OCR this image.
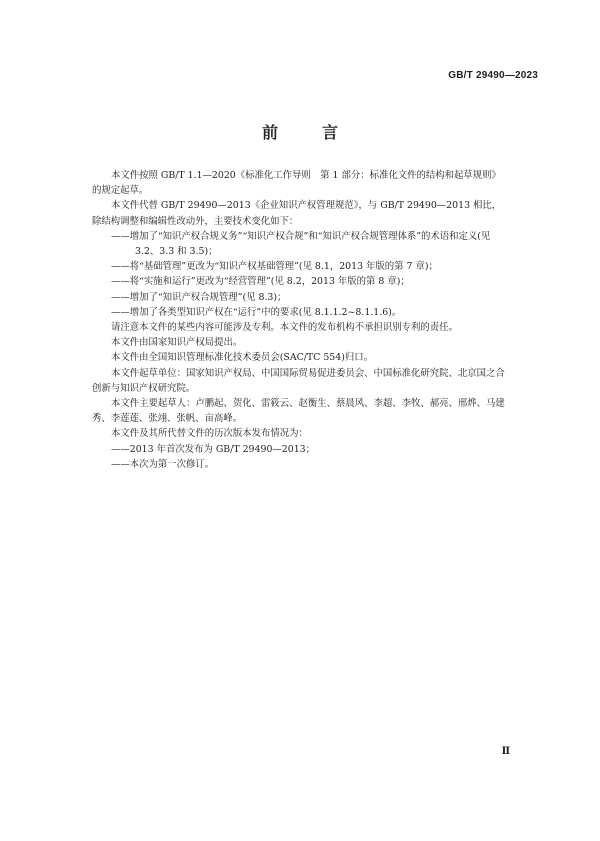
GB/T 29490—2023
前　言

本文件按照 GB/T 1.1—2020《标准化工作导则　第 1 部分：标准化文件的结构和起草规则》的规定起草。

本文件代替 GB/T 29490—2013《企业知识产权管理规范》，与 GB/T 29490—2013 相比，除结构调整和编辑性改动外，主要技术变化如下：

——增加了“知识产权合规义务”“知识产权合规”和“知识产权合规管理体系”的术语和定义(见
3.2、3.3 和 3.5)；

——将“基础管理”更改为“知识产权基础管理”(见 8.1，2013 年版的第 7 章)；

——将“实施和运行”更改为“经营管理”(见 8.2，2013 年版的第 8 章)；

——增加了“知识产权合规管理”(见 8.3)；

——增加了各类型知识产权在“运行”中的要求(见 8.1.1.2~8.1.1.6)。

请注意本文件的某些内容可能涉及专利。本文件的发布机构不承担识别专利的责任。

本文件由国家知识产权局提出。

本文件由全国知识管理标准化技术委员会(SAC/TC 554)归口。

本文件起草单位：国家知识产权局、中国国际贸易促进委员会、中国标准化研究院、北京国之合创新与知识产权研究院。

本文件主要起草人：卢鹏起、贺化、雷筱云、赵衡生、蔡晨风、李超、李牧、郝亮、邢烨、马建秀、李莲莲、张翊、张帆、亩高峰。

本文件及其所代替文件的历次版本发布情况为：

——2013 年首次发布为 GB/T 29490—2013；

——本次为第一次修订。

Ⅱ
